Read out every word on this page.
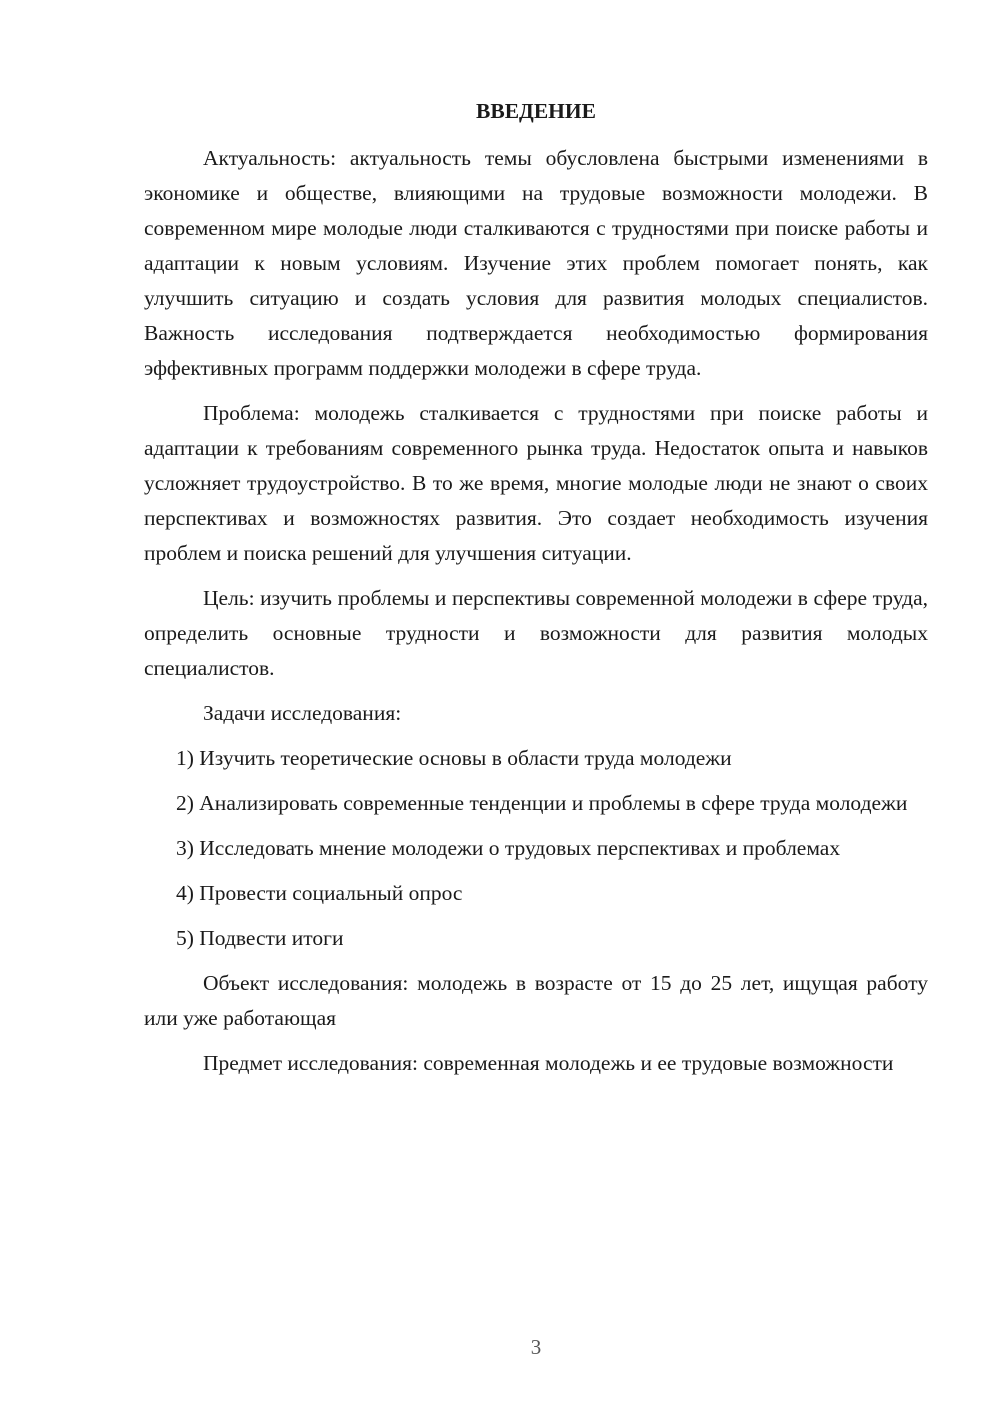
ВВЕДЕНИЕ

Актуальность: актуальность темы обусловлена быстрыми изменениями в экономике и обществе, влияющими на трудовые возможности молодежи. В современном мире молодые люди сталкиваются с трудностями при поиске работы и адаптации к новым условиям. Изучение этих проблем помогает понять, как улучшить ситуацию и создать условия для развития молодых специалистов. Важность исследования подтверждается необходимостью формирования эффективных программ поддержки молодежи в сфере труда.

Проблема: молодежь сталкивается с трудностями при поиске работы и адаптации к требованиям современного рынка труда. Недостаток опыта и навыков усложняет трудоустройство. В то же время, многие молодые люди не знают о своих перспективах и возможностях развития. Это создает необходимость изучения проблем и поиска решений для улучшения ситуации.

Цель: изучить проблемы и перспективы современной молодежи в сфере труда, определить основные трудности и возможности для развития молодых специалистов.

Задачи исследования:

1) Изучить теоретические основы в области труда молодежи

2) Анализировать современные тенденции и проблемы в сфере труда молодежи

3) Исследовать мнение молодежи о трудовых перспективах и проблемах

4) Провести социальный опрос

5) Подвести итоги

Объект исследования: молодежь в возрасте от 15 до 25 лет, ищущая работу или уже работающая

Предмет исследования: современная молодежь и ее трудовые возможности

3
